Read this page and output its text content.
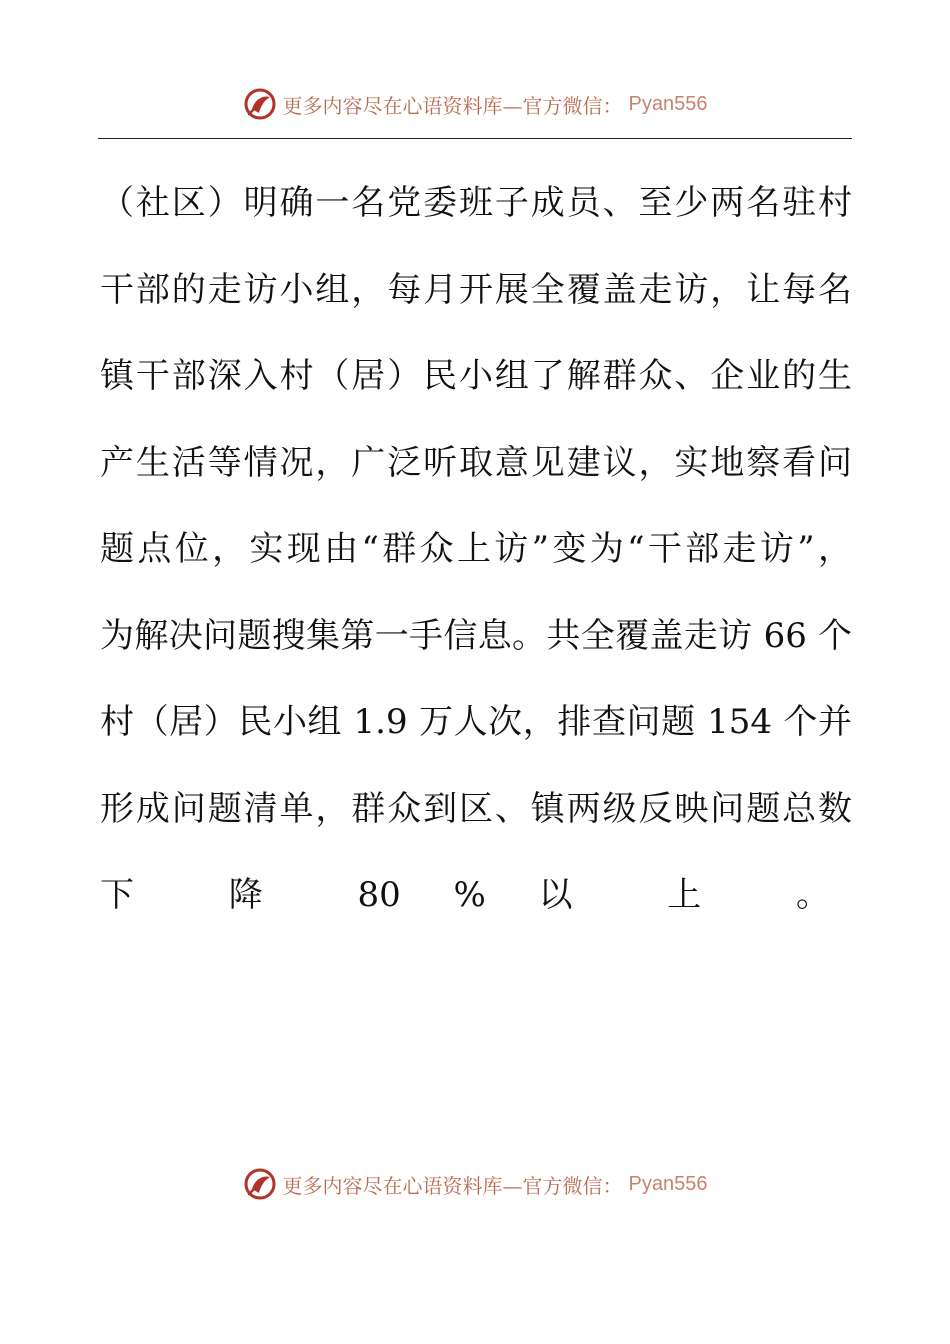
更多内容尽在心语资料库—官方微信： Pyan556
（社区）明确一名党委班子成员、至少两名驻村
干部的走访小组，每月开展全覆盖走访，让每名
镇干部深入村（居）民小组了解群众、企业的生
产生活等情况，广泛听取意见建议，实地察看问
题点位，实现由“群众上访”变为“干部走访”，
为解决问题搜集第一手信息。共全覆盖走访 66 个
村（居）民小组 1.9 万人次，排查问题 154 个并
形成问题清单，群众到区、镇两级反映问题总数
下 降 80 % 以 上 。
更多内容尽在心语资料库—官方微信： Pyan556
